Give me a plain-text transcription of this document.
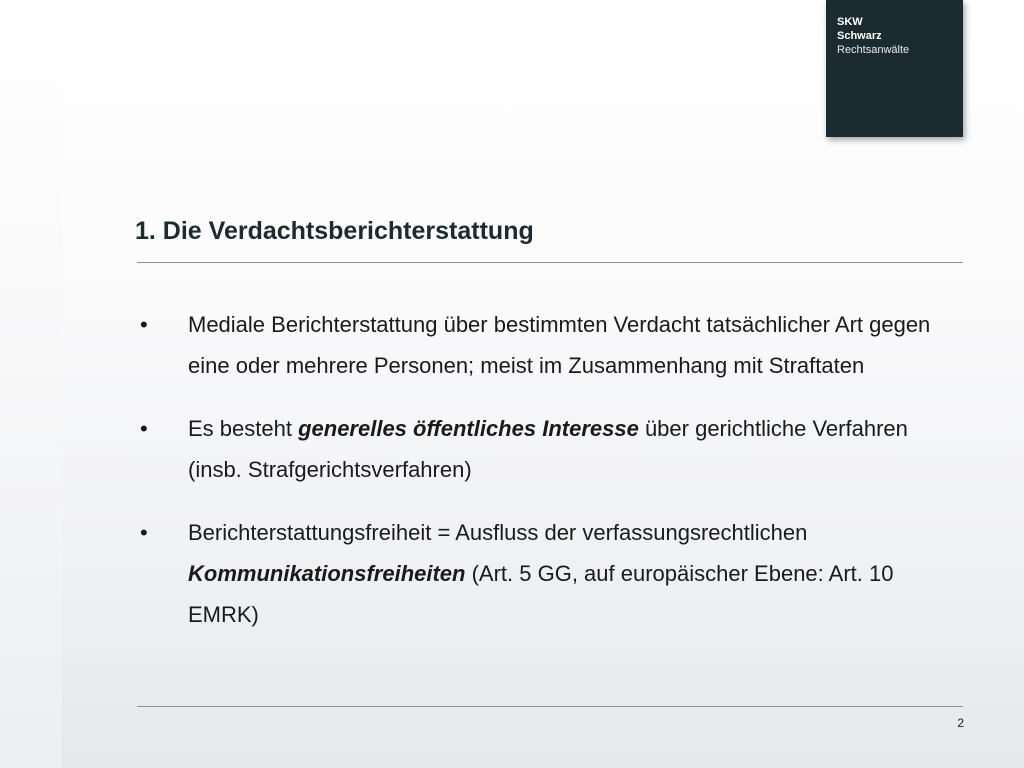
SKW
Schwarz
Rechtsanwälte
1. Die Verdachtsberichterstattung
• Mediale Berichterstattung über bestimmten Verdacht tatsächlicher Art gegen eine oder mehrere Personen; meist im Zusammenhang mit Straftaten
• Es besteht generelles öffentliches Interesse über gerichtliche Verfahren (insb. Strafgerichtsverfahren)
• Berichterstattungsfreiheit = Ausfluss der verfassungsrechtlichen Kommunikationsfreiheiten (Art. 5 GG, auf europäischer Ebene: Art. 10 EMRK)
2
